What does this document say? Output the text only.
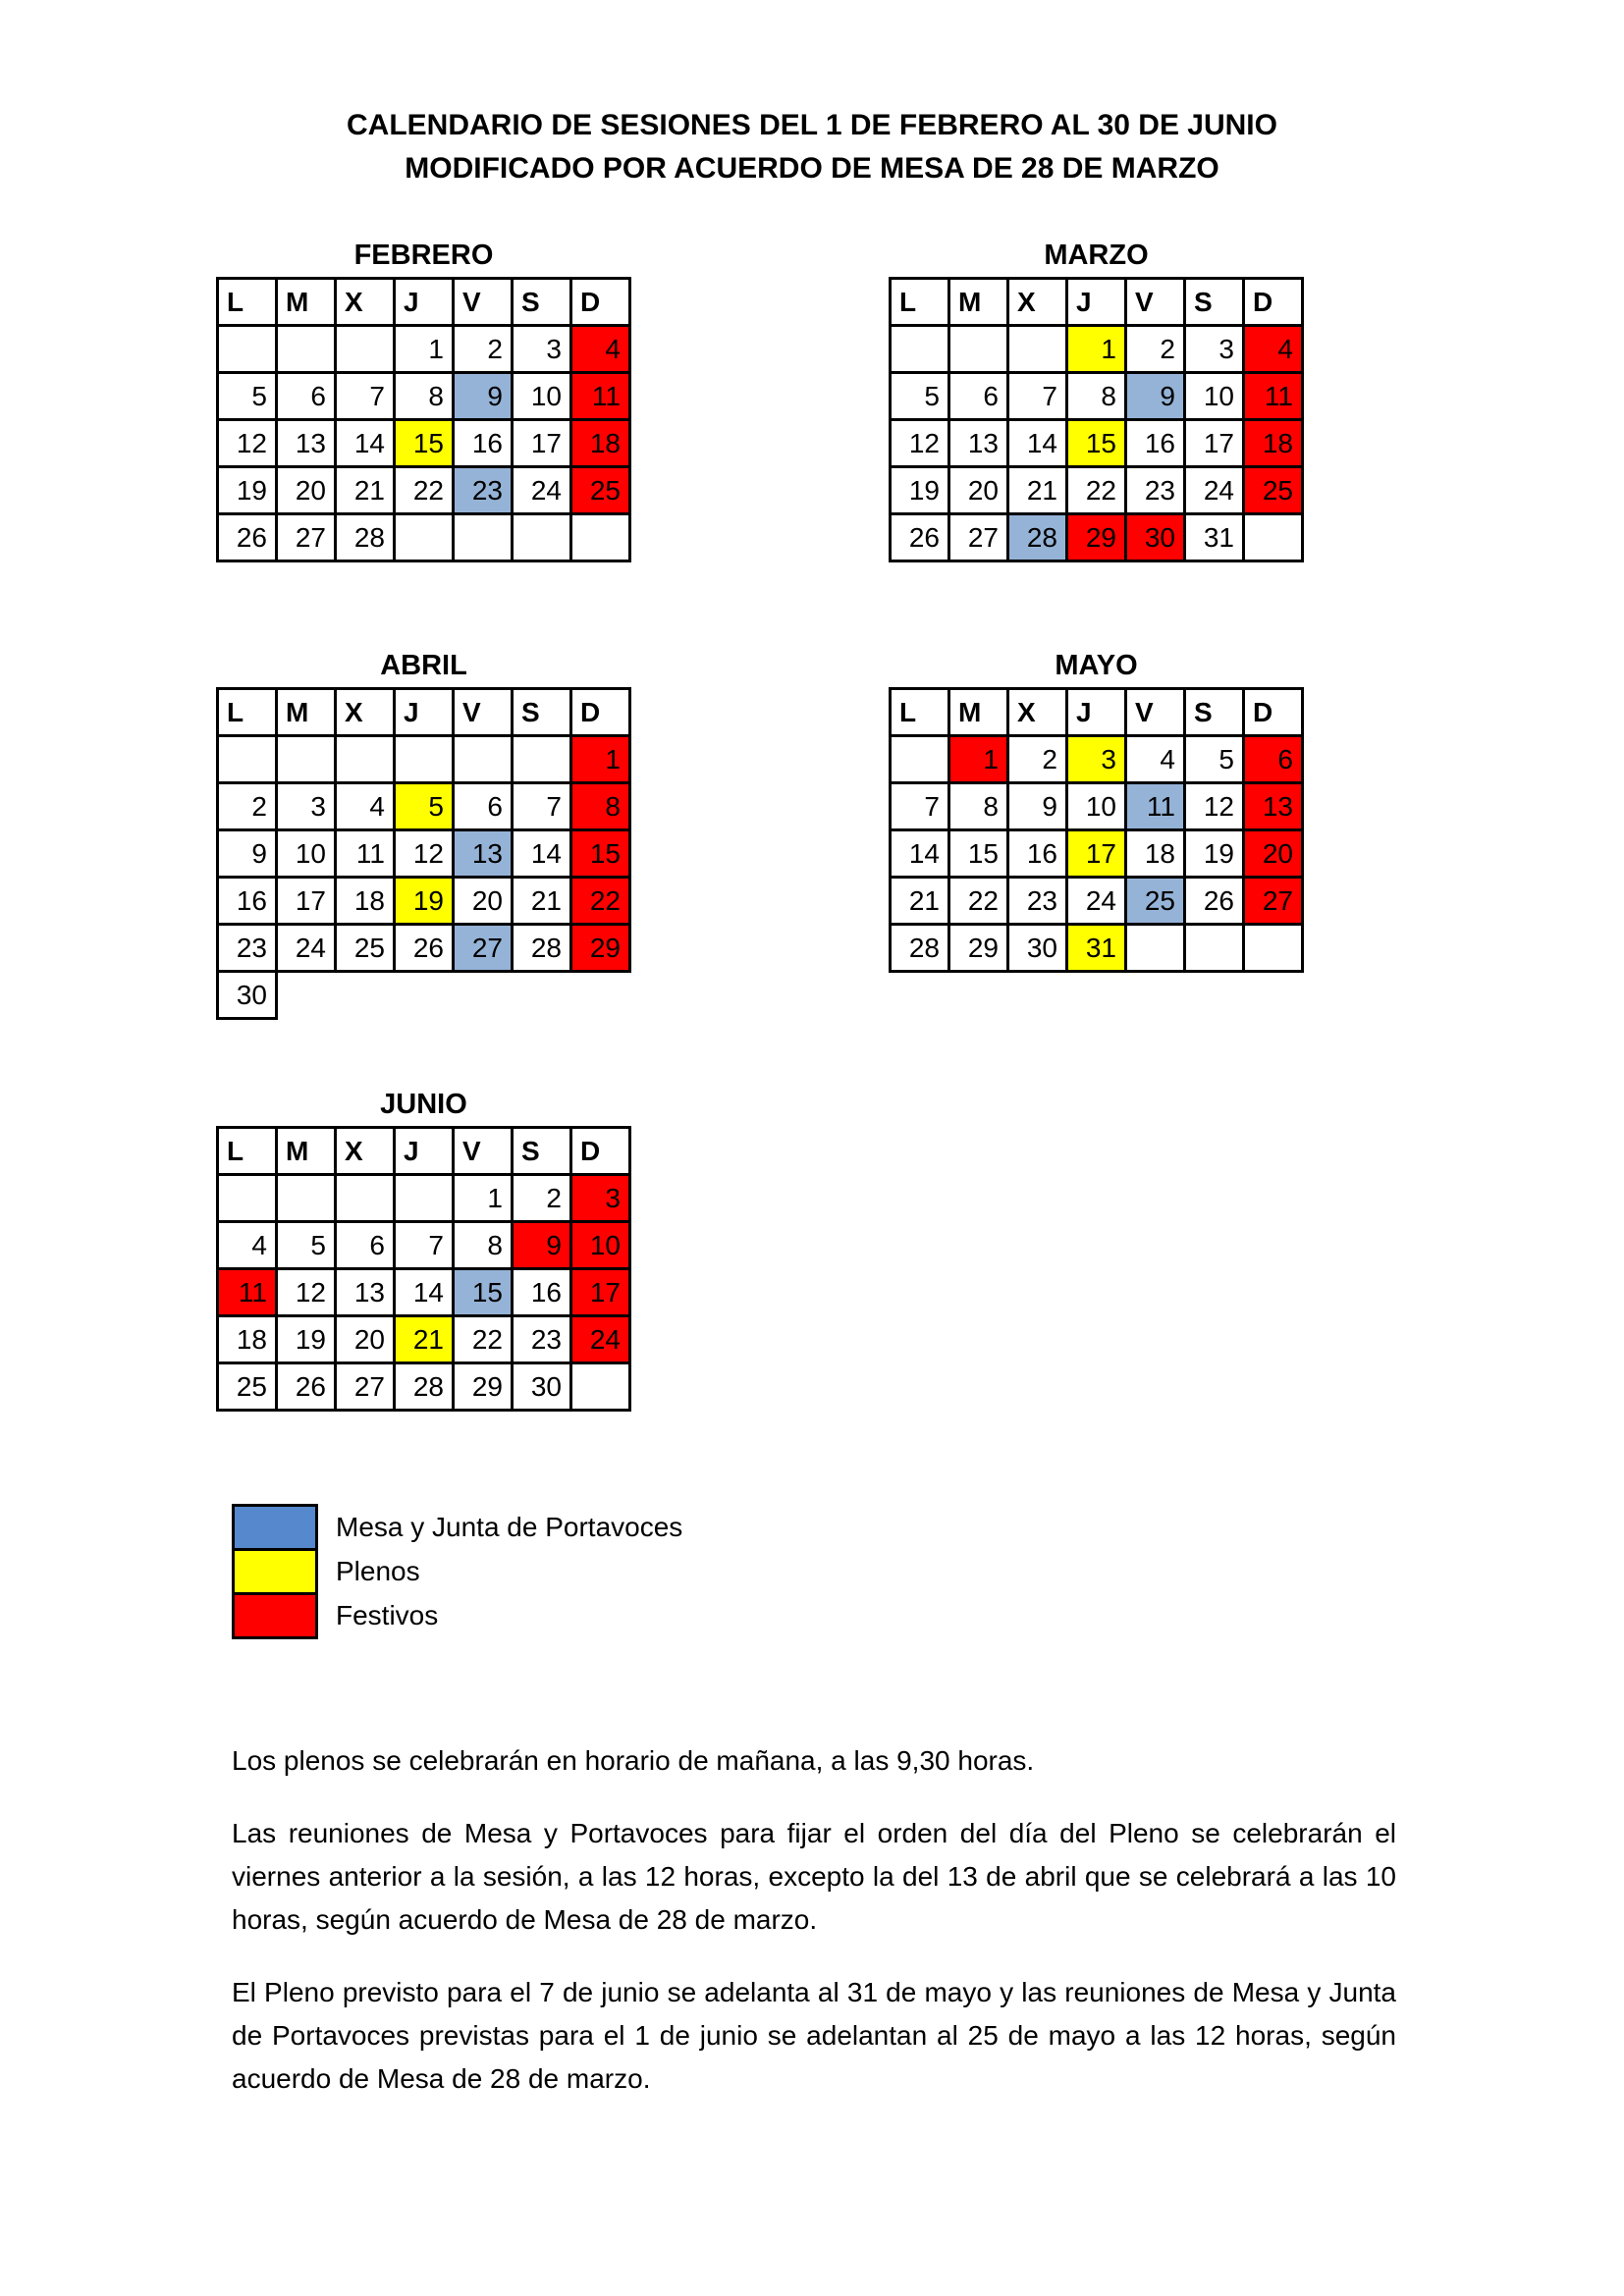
CALENDARIO DE SESIONES DEL 1 DE FEBRERO AL 30 DE JUNIO
MODIFICADO POR ACUERDO DE MESA DE 28 DE MARZO
FEBRERO
L	M	X	J	V	S	D
			1	2	3	4
5	6	7	8	9	10	11
12	13	14	15	16	17	18
19	20	21	22	23	24	25
26	27	28				
MARZO
L	M	X	J	V	S	D
			1	2	3	4
5	6	7	8	9	10	11
12	13	14	15	16	17	18
19	20	21	22	23	24	25
26	27	28	29	30	31	
ABRIL
L	M	X	J	V	S	D
						1
2	3	4	5	6	7	8
9	10	11	12	13	14	15
16	17	18	19	20	21	22
23	24	25	26	27	28	29
30						
MAYO
L	M	X	J	V	S	D
	1	2	3	4	5	6
7	8	9	10	11	12	13
14	15	16	17	18	19	20
21	22	23	24	25	26	27
28	29	30	31			
JUNIO
L	M	X	J	V	S	D
				1	2	3
4	5	6	7	8	9	10
11	12	13	14	15	16	17
18	19	20	21	22	23	24
25	26	27	28	29	30	
Mesa y Junta de Portavoces
Plenos
Festivos

Los plenos se celebrarán en horario de mañana, a las 9,30 horas.

Las reuniones de Mesa y Portavoces para fijar el orden del día del Pleno se celebrarán el viernes anterior a la sesión, a las 12 horas, excepto la del 13 de abril que se celebrará a las 10 horas, según acuerdo de Mesa de 28 de marzo.

El Pleno previsto para el 7 de junio se adelanta al 31 de mayo y las reuniones de Mesa y Junta de Portavoces previstas para el 1 de junio se adelantan al 25 de mayo a las 12 horas, según acuerdo de Mesa de 28 de marzo.
